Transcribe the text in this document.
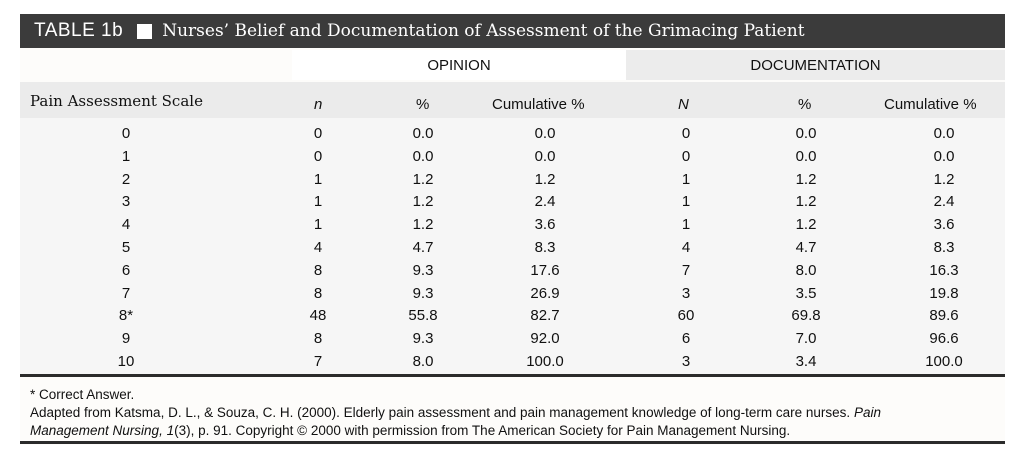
TABLE 1b Nurses’ Belief and Documentation of Assessment of the Grimacing Patient
OPINION	DOCUMENTATION
Pain Assessment Scale	n	%	Cumulative %	N	%	Cumulative %
0	0	0.0	0.0	0	0.0	0.0
1	0	0.0	0.0	0	0.0	0.0
2	1	1.2	1.2	1	1.2	1.2
3	1	1.2	2.4	1	1.2	2.4
4	1	1.2	3.6	1	1.2	3.6
5	4	4.7	8.3	4	4.7	8.3
6	8	9.3	17.6	7	8.0	16.3
7	8	9.3	26.9	3	3.5	19.8
8*	48	55.8	82.7	60	69.8	89.6
9	8	9.3	92.0	6	7.0	96.6
10	7	8.0	100.0	3	3.4	100.0
* Correct Answer.
Adapted from Katsma, D. L., & Souza, C. H. (2000). Elderly pain assessment and pain management knowledge of long-term care nurses. Pain
Management Nursing, 1(3), p. 91. Copyright © 2000 with permission from The American Society for Pain Management Nursing.
